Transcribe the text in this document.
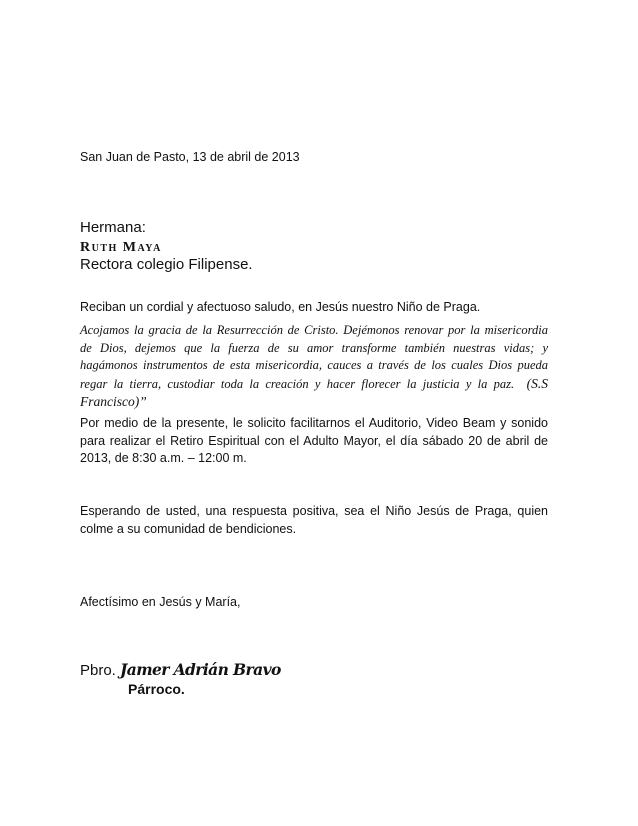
San Juan de Pasto, 13 de abril de 2013
Hermana:
Ruth Maya
Rectora colegio Filipense.
Reciban un cordial y afectuoso saludo, en Jesús nuestro Niño de Praga.
Acojamos la gracia de la Resurrección de Cristo. Dejémonos renovar por la misericordia de Dios, dejemos que la fuerza de su amor transforme también nuestras vidas; y hagámonos instrumentos de esta misericordia, cauces a través de los cuales Dios pueda regar la tierra, custodiar toda la creación y hacer florecer la justicia y la paz. (S.S Francisco)”
Por medio de la presente, le solicito facilitarnos el Auditorio, Video Beam y sonido para realizar el Retiro Espiritual con el Adulto Mayor, el día sábado 20 de abril de 2013, de 8:30 a.m. – 12:00 m.
Esperando de usted, una respuesta positiva, sea el Niño Jesús de Praga, quien colme a su comunidad de bendiciones.
Afectísimo en Jesús y María,
Pbro. Jamer Adrián Bravo
Párroco.
